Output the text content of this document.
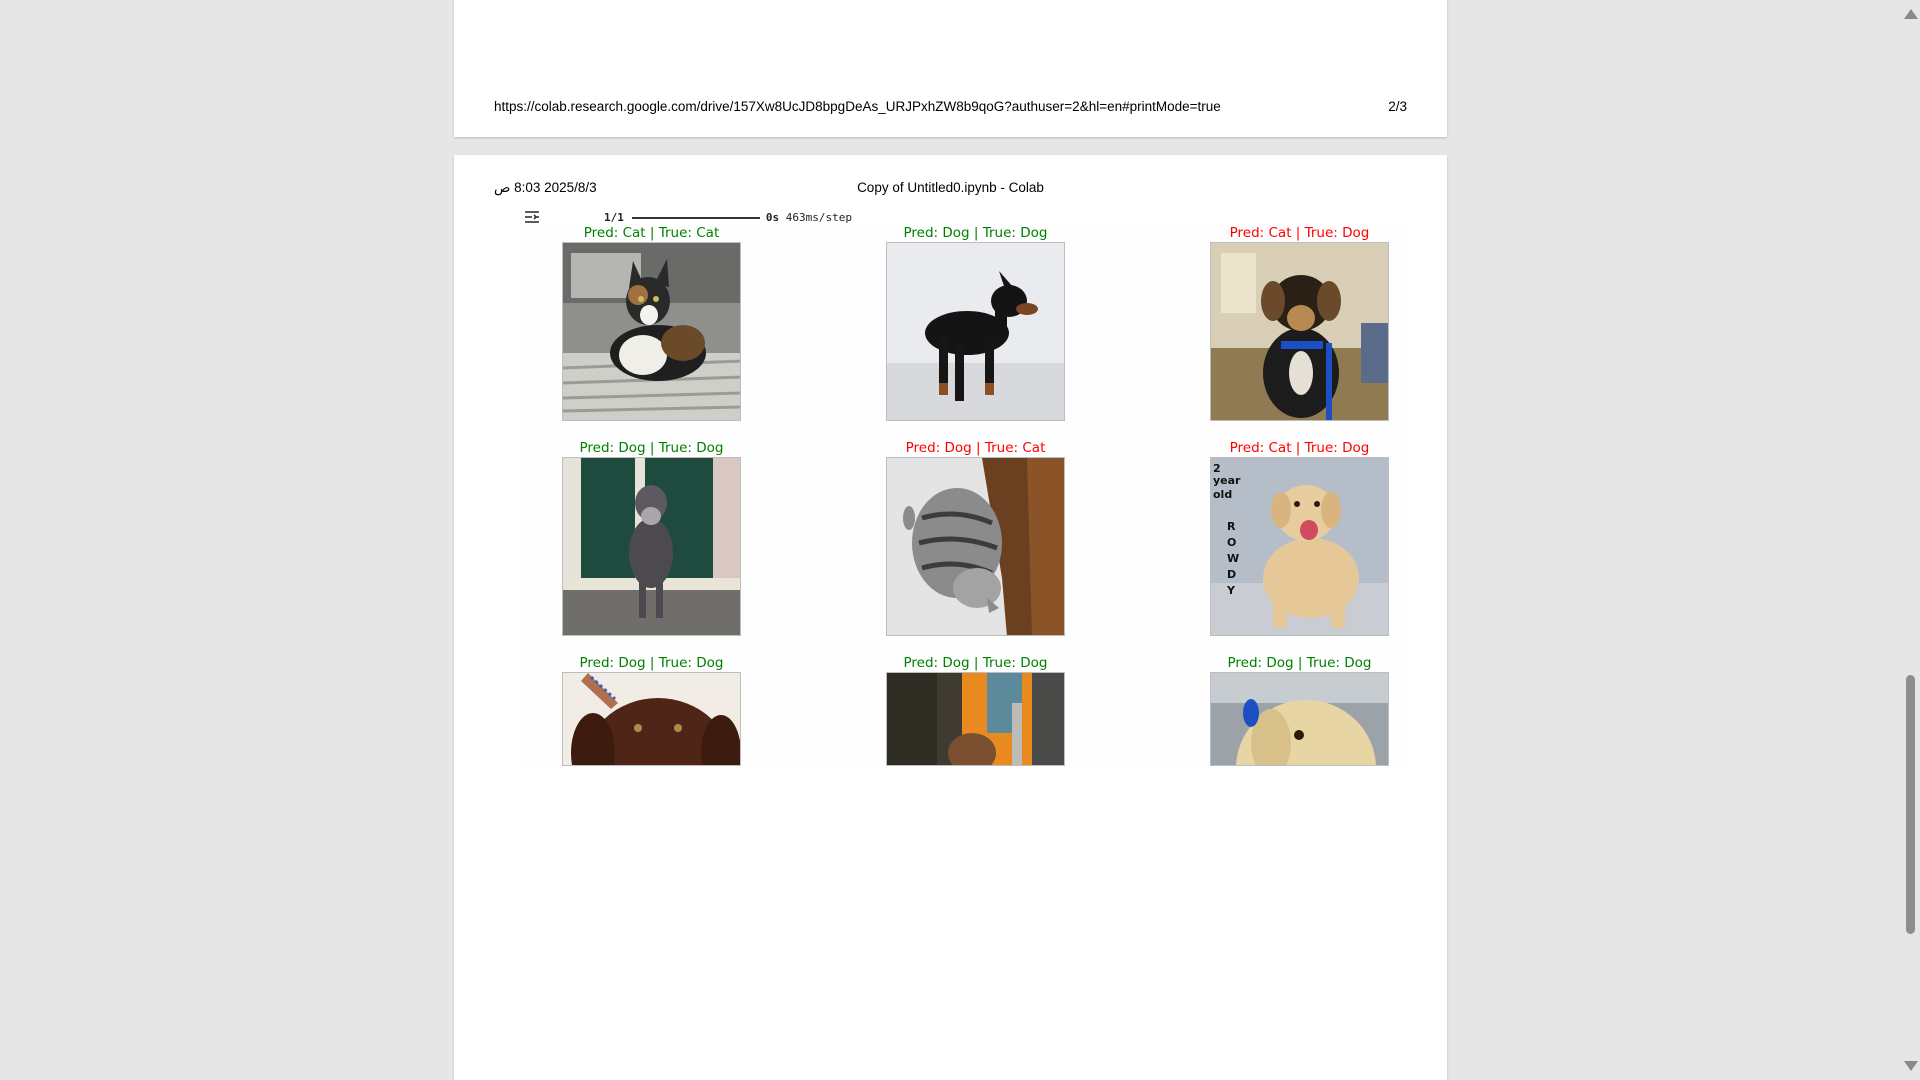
https://colab.research.google.com/drive/157Xw8UcJD8bpgDeAs_URJPxhZW8b9qoG?authuser=2&hl=en#printMode=true	2/3
2025/8/3 8:03 ص	Copy of Untitled0.ipynb - Colab

1/1	0s 463ms/step

Pred: Cat | True: Cat	Pred: Dog | True: Dog	Pred: Cat | True: Dog
Pred: Dog | True: Dog	Pred: Dog | True: Cat	Pred: Cat | True: Dog
2
year
old
R
O
W
D
Y
Pred: Dog | True: Dog	Pred: Dog | True: Dog	Pred: Dog | True: Dog
